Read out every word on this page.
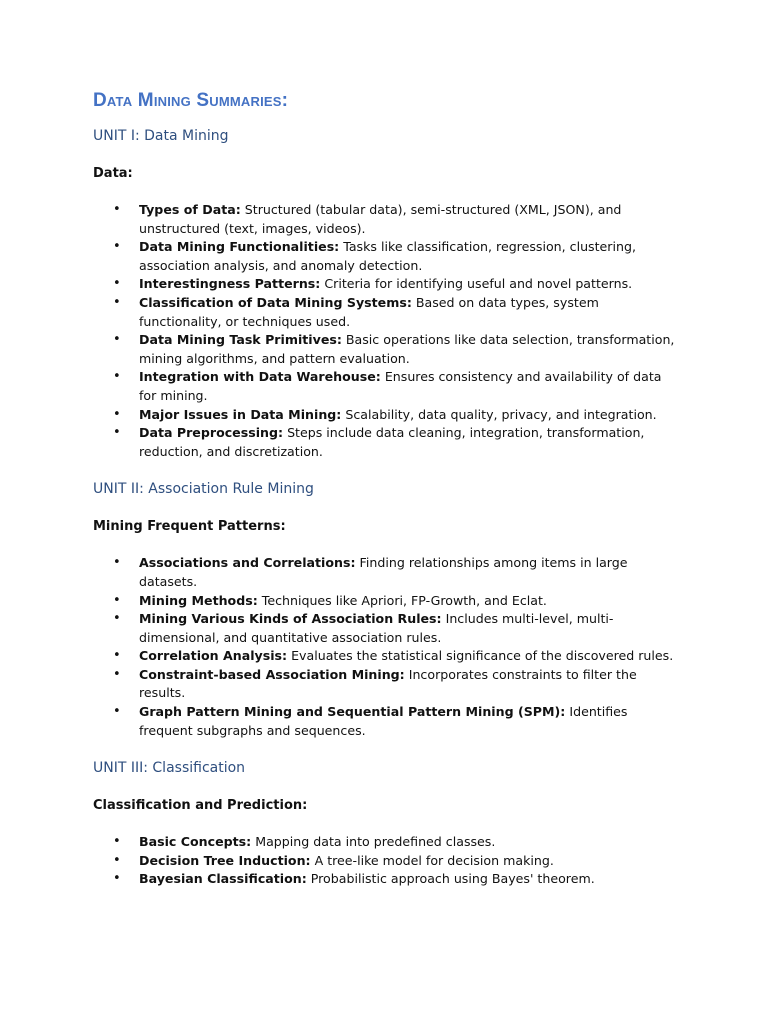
Data Mining Summaries:
UNIT I: Data Mining
Data:
• Types of Data: Structured (tabular data), semi-structured (XML, JSON), and unstructured (text, images, videos).
• Data Mining Functionalities: Tasks like classification, regression, clustering, association analysis, and anomaly detection.
• Interestingness Patterns: Criteria for identifying useful and novel patterns.
• Classification of Data Mining Systems: Based on data types, system functionality, or techniques used.
• Data Mining Task Primitives: Basic operations like data selection, transformation, mining algorithms, and pattern evaluation.
• Integration with Data Warehouse: Ensures consistency and availability of data for mining.
• Major Issues in Data Mining: Scalability, data quality, privacy, and integration.
• Data Preprocessing: Steps include data cleaning, integration, transformation, reduction, and discretization.
UNIT II: Association Rule Mining
Mining Frequent Patterns:
• Associations and Correlations: Finding relationships among items in large datasets.
• Mining Methods: Techniques like Apriori, FP-Growth, and Eclat.
• Mining Various Kinds of Association Rules: Includes multi-level, multi-dimensional, and quantitative association rules.
• Correlation Analysis: Evaluates the statistical significance of the discovered rules.
• Constraint-based Association Mining: Incorporates constraints to filter the results.
• Graph Pattern Mining and Sequential Pattern Mining (SPM): Identifies frequent subgraphs and sequences.
UNIT III: Classification
Classification and Prediction:
• Basic Concepts: Mapping data into predefined classes.
• Decision Tree Induction: A tree-like model for decision making.
• Bayesian Classification: Probabilistic approach using Bayes' theorem.
